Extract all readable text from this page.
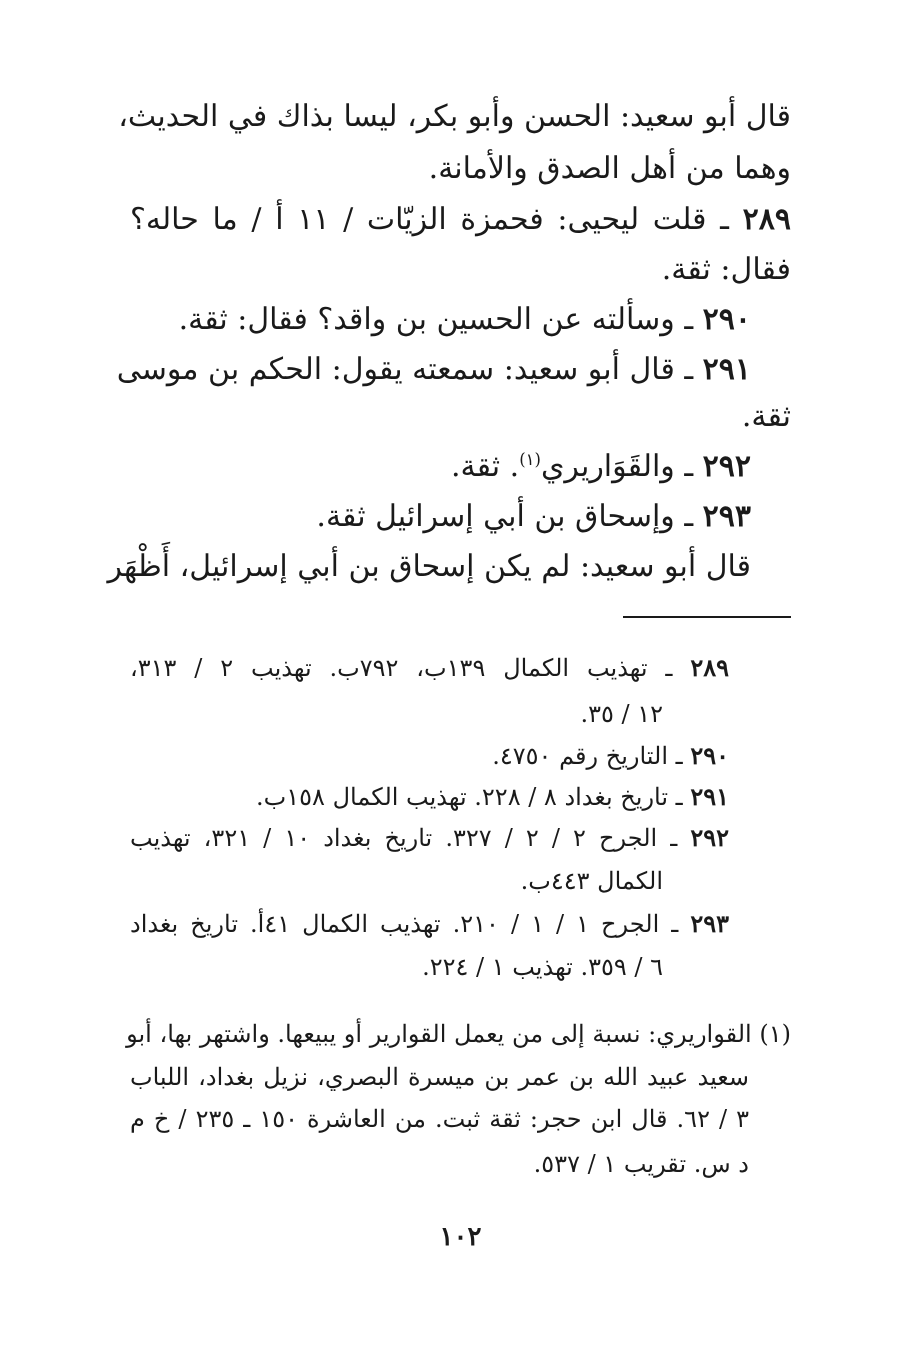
قال أبو سعيد: الحسن وأبو بكر، ليسا بذاك في الحديث،
وهما من أهل الصدق والأمانة.
٢٨٩ ـ قلت ليحيى: فحمزة الزيّات / ١١ أ / ما حاله؟
فقال: ثقة.
٢٩٠ ـ وسألته عن الحسين بن واقد؟ فقال: ثقة.
٢٩١ ـ قال أبو سعيد: سمعته يقول: الحكم بن موسى
ثقة.
٢٩٢ ـ والقَوَاريري$^{(١)}$. ثقة.
٢٩٣ ـ وإسحاق بن أبي إسرائيل ثقة.
قال أبو سعيد: لم يكن إسحاق بن أبي إسرائيل، أَظْهَر
٢٨٩ ـ تهذيب الكمال ١٣٩ب، ٧٩٢ب. تهذيب ٢ / ٣١٣،
١٢ / ٣٥.
٢٩٠ ـ التاريخ رقم ٤٧٥٠.
٢٩١ ـ تاريخ بغداد ٨ / ٢٢٨. تهذيب الكمال ١٥٨ب.
٢٩٢ ـ الجرح ٢ / ٢ / ٣٢٧. تاريخ بغداد ١٠ / ٣٢١، تهذيب
الكمال ٤٤٣ب.
٢٩٣ ـ الجرح ١ / ١ / ٢١٠. تهذيب الكمال ٤١أ. تاريخ بغداد
٦ / ٣٥٩. تهذيب ١ / ٢٢٤.
(١) القواريري: نسبة إلى من يعمل القوارير أو يبيعها. واشتهر بها، أبو
سعيد عبيد الله بن عمر بن ميسرة البصري، نزيل بغداد، اللباب
٣ / ٦٢. قال ابن حجر: ثقة ثبت. من العاشرة ١٥٠ ـ ٢٣٥ / خ م
د س. تقريب ١ / ٥٣٧.
١٠٢
